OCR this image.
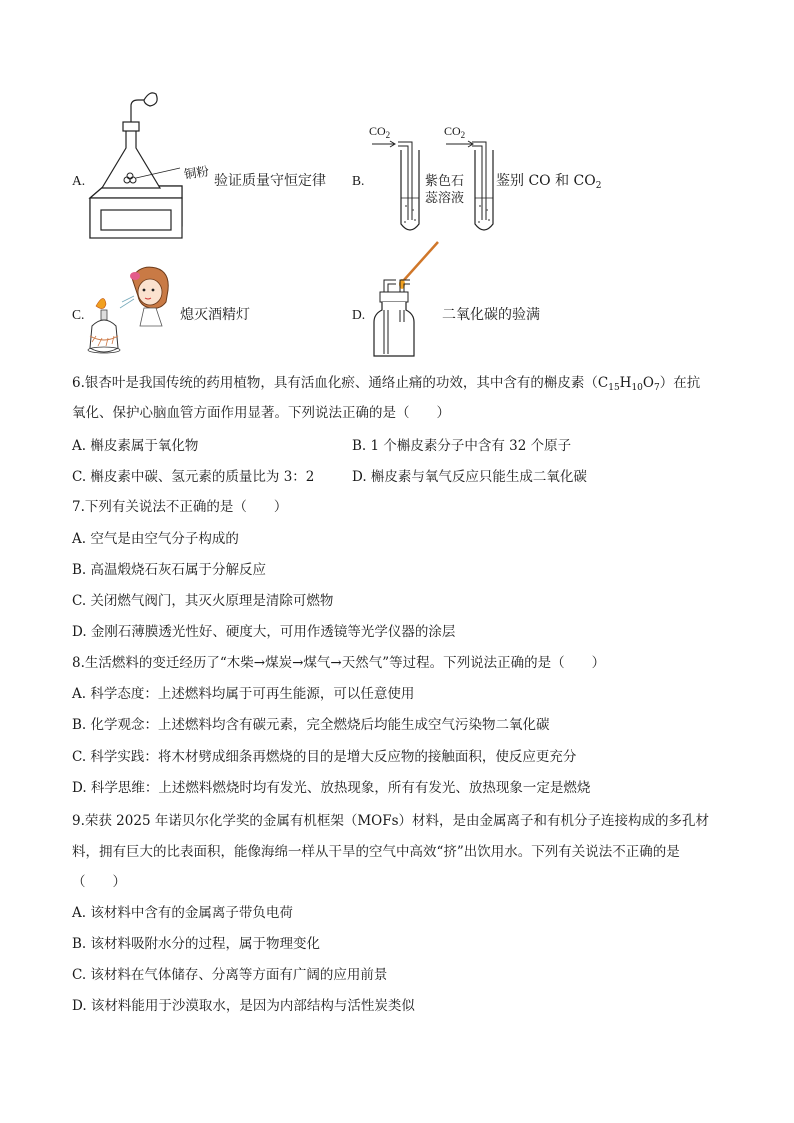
A.	铜粉 验证质量守恒定律 B.
$CO_2$	$CO_2$
紫色石
蕊溶液
鉴别 CO 和 $CO_2$
C.	熄灭酒精灯	D.	二氧化碳的验满
6.银杏叶是我国传统的药用植物，具有活血化瘀、通络止痛的功效，其中含有的槲皮素$(C_{15}H_{10}O_7)$在抗
氧化、保护心脑血管方面作用显著。下列说法正确的是（　　）
A. 槲皮素属于氧化物	B. 1 个槲皮素分子中含有 32 个原子
C. 槲皮素中碳、氢元素的质量比为 3：2	D. 槲皮素与氧气反应只能生成二氧化碳
7.下列有关说法不正确的是（　　）
A. 空气是由空气分子构成的
B. 高温煅烧石灰石属于分解反应
C. 关闭燃气阀门，其灭火原理是清除可燃物
D. 金刚石薄膜透光性好、硬度大，可用作透镜等光学仪器的涂层
8.生活燃料的变迁经历了“木柴→煤炭→煤气→天然气”等过程。下列说法正确的是（　　）
A. 科学态度：上述燃料均属于可再生能源，可以任意使用
B. 化学观念：上述燃料均含有碳元素，完全燃烧后均能生成空气污染物二氧化碳
C. 科学实践：将木材劈成细条再燃烧的目的是增大反应物的接触面积，使反应更充分
D. 科学思维：上述燃料燃烧时均有发光、放热现象，所有有发光、放热现象一定是燃烧
9.荣获 2025 年诺贝尔化学奖的金属有机框架（MOFs）材料，是由金属离子和有机分子连接构成的多孔材
料，拥有巨大的比表面积，能像海绵一样从干旱的空气中高效“挤”出饮用水。下列有关说法不正确的是
（　　）
A. 该材料中含有的金属离子带负电荷
B. 该材料吸附水分的过程，属于物理变化
C. 该材料在气体储存、分离等方面有广阔的应用前景
D. 该材料能用于沙漠取水，是因为内部结构与活性炭类似
